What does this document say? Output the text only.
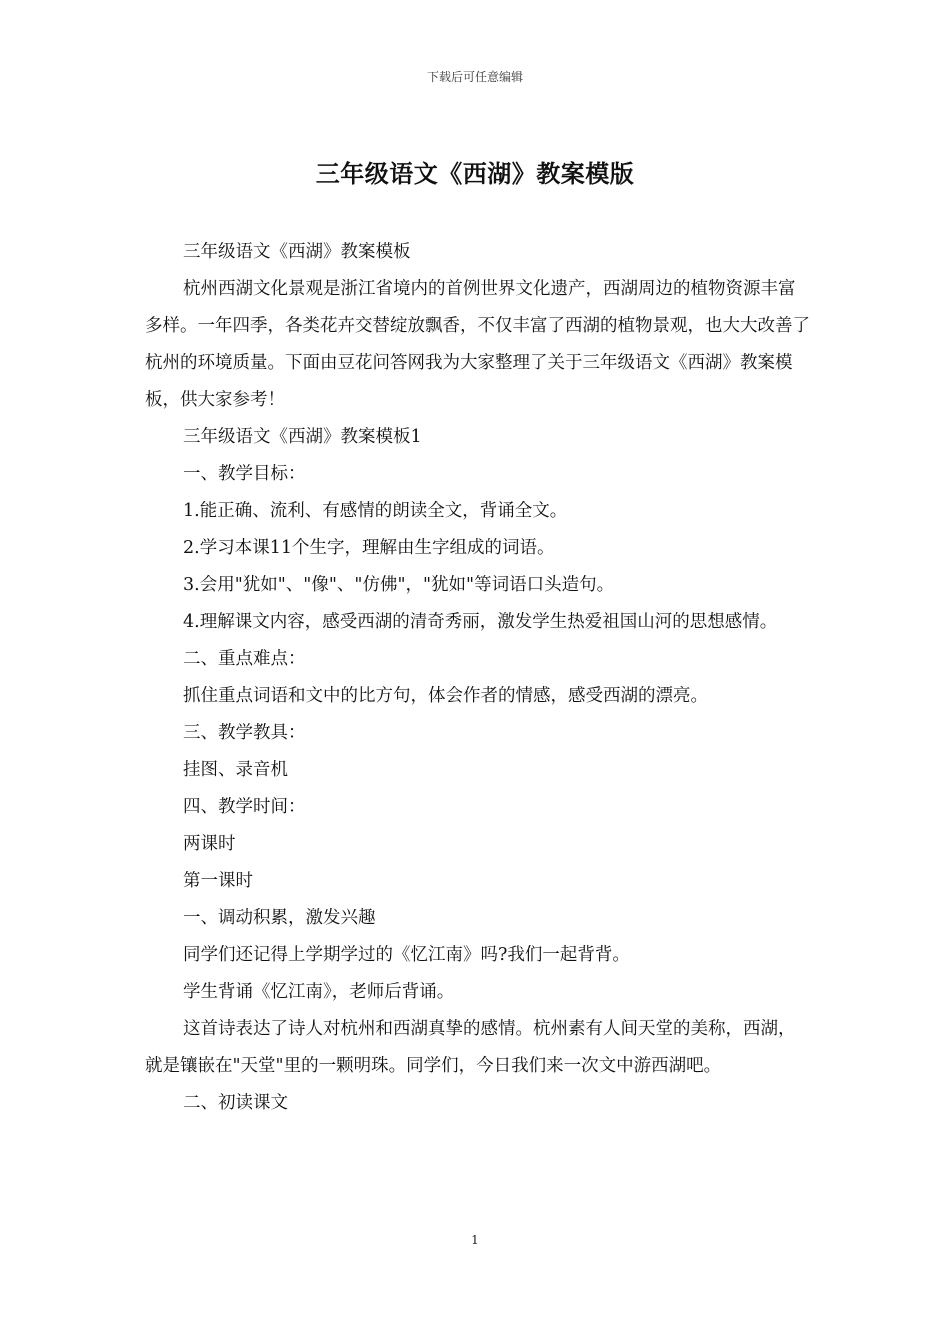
下载后可任意编辑
三年级语文《西湖》教案模版

三年级语文《西湖》教案模板

杭州西湖文化景观是浙江省境内的首例世界文化遗产，西湖周边的植物资源丰富多样。一年四季，各类花卉交替绽放飘香，不仅丰富了西湖的植物景观，也大大改善了杭州的环境质量。下面由豆花问答网我为大家整理了关于三年级语文《西湖》教案模板，供大家参考！

三年级语文《西湖》教案模板1

一、教学目标：

1.能正确、流利、有感情的朗读全文，背诵全文。

2.学习本课11个生字，理解由生字组成的词语。

3.会用"犹如"、"像"、"仿佛"，"犹如"等词语口头造句。

4.理解课文内容，感受西湖的清奇秀丽，激发学生热爱祖国山河的思想感情。

二、重点难点：

抓住重点词语和文中的比方句，体会作者的情感，感受西湖的漂亮。

三、教学教具：

挂图、录音机

四、教学时间：

两课时

第一课时

一、调动积累，激发兴趣

同学们还记得上学期学过的《忆江南》吗?我们一起背背。

学生背诵《忆江南》，老师后背诵。

这首诗表达了诗人对杭州和西湖真挚的感情。杭州素有人间天堂的美称，西湖，就是镶嵌在"天堂"里的一颗明珠。同学们，今日我们来一次文中游西湖吧。

二、初读课文

1
